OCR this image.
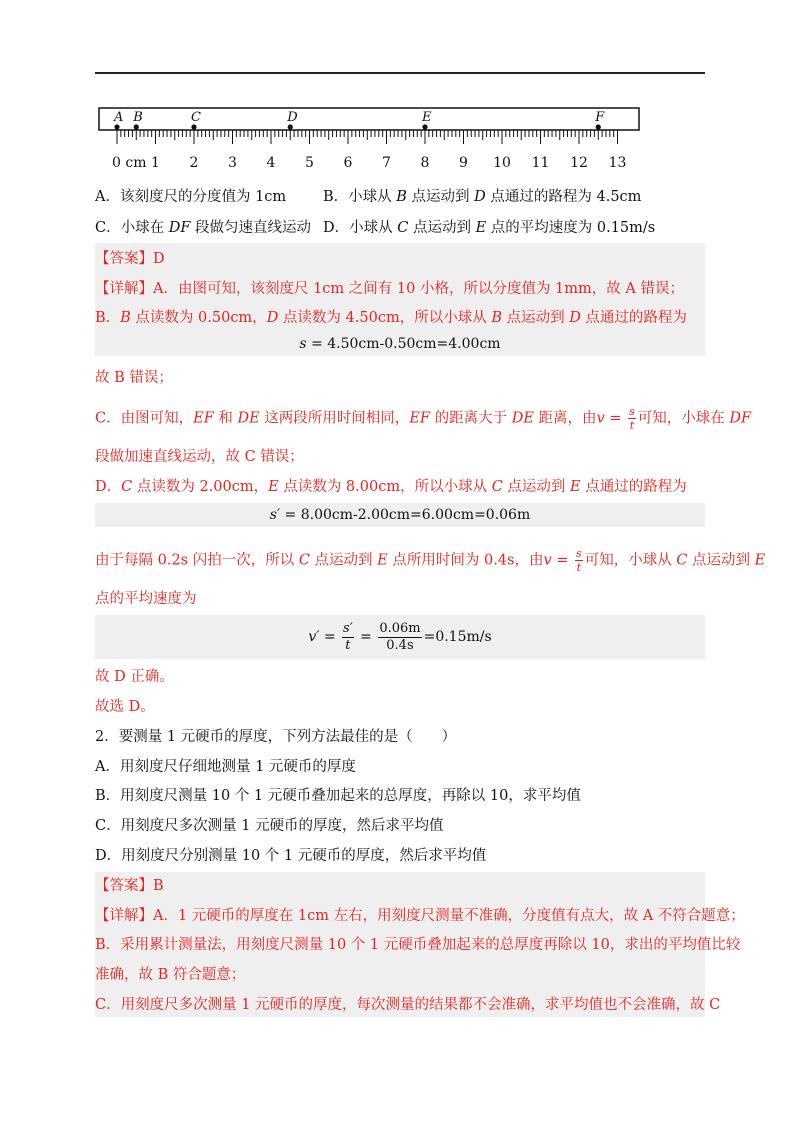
1 2 3 4 5 6 7 8 9 10 11 12 13
A B	C	D	E	F
0 cm
A．该刻度尺的分度值为 1cm	B．小球从 B 点运动到 D 点通过的路程为 4.5cm
C．小球在 DF 段做匀速直线运动 D．小球从 C 点运动到 E 点的平均速度为 0.15m/s
【答案】D
【详解】A．由图可知，该刻度尺 1cm 之间有 10 小格，所以分度值为 1mm，故 A 错误；
B．B 点读数为 0.50cm，D 点读数为 4.50cm，所以小球从 B 点运动到 D 点通过的路程为
s = 4.50cm-0.50cm=4.00cm
故 B 错误；
C．由图可知，EF 和 DE 这两段所用时间相同，EF 的距离大于 DE 距离，由$v = \frac{s}{t}$ 可知，小球在 DF
段做加速直线运动，故 C 错误；
D．C 点读数为 2.00cm，E 点读数为 8.00cm，所以小球从 C 点运动到 E 点通过的路程为
s′ = 8.00cm-2.00cm=6.00cm=0.06m
由于每隔 0.2s 闪拍一次，所以 C 点运动到 E 点所用时间为 0.4s，由$v = \frac{s}{t}$ 可知，小球从 C 点运动到 E
点的平均速度为
$v' = \frac{s'}{t} = \frac{0.06m}{0.4s} =0.15m/s$
故 D 正确。
故选 D。
2．要测量 1 元硬币的厚度，下列方法最佳的是（　　）
A．用刻度尺仔细地测量 1 元硬币的厚度
B．用刻度尺测量 10 个 1 元硬币叠加起来的总厚度，再除以 10，求平均值
C．用刻度尺多次测量 1 元硬币的厚度，然后求平均值
D．用刻度尺分别测量 10 个 1 元硬币的厚度，然后求平均值
【答案】B
【详解】A．1 元硬币的厚度在 1cm 左右，用刻度尺测量不准确，分度值有点大，故 A 不符合题意；
B．采用累计测量法，用刻度尺测量 10 个 1 元硬币叠加起来的总厚度再除以 10，求出的平均值比较
准确，故 B 符合题意；
C．用刻度尺多次测量 1 元硬币的厚度，每次测量的结果都不会准确，求平均值也不会准确，故 C
